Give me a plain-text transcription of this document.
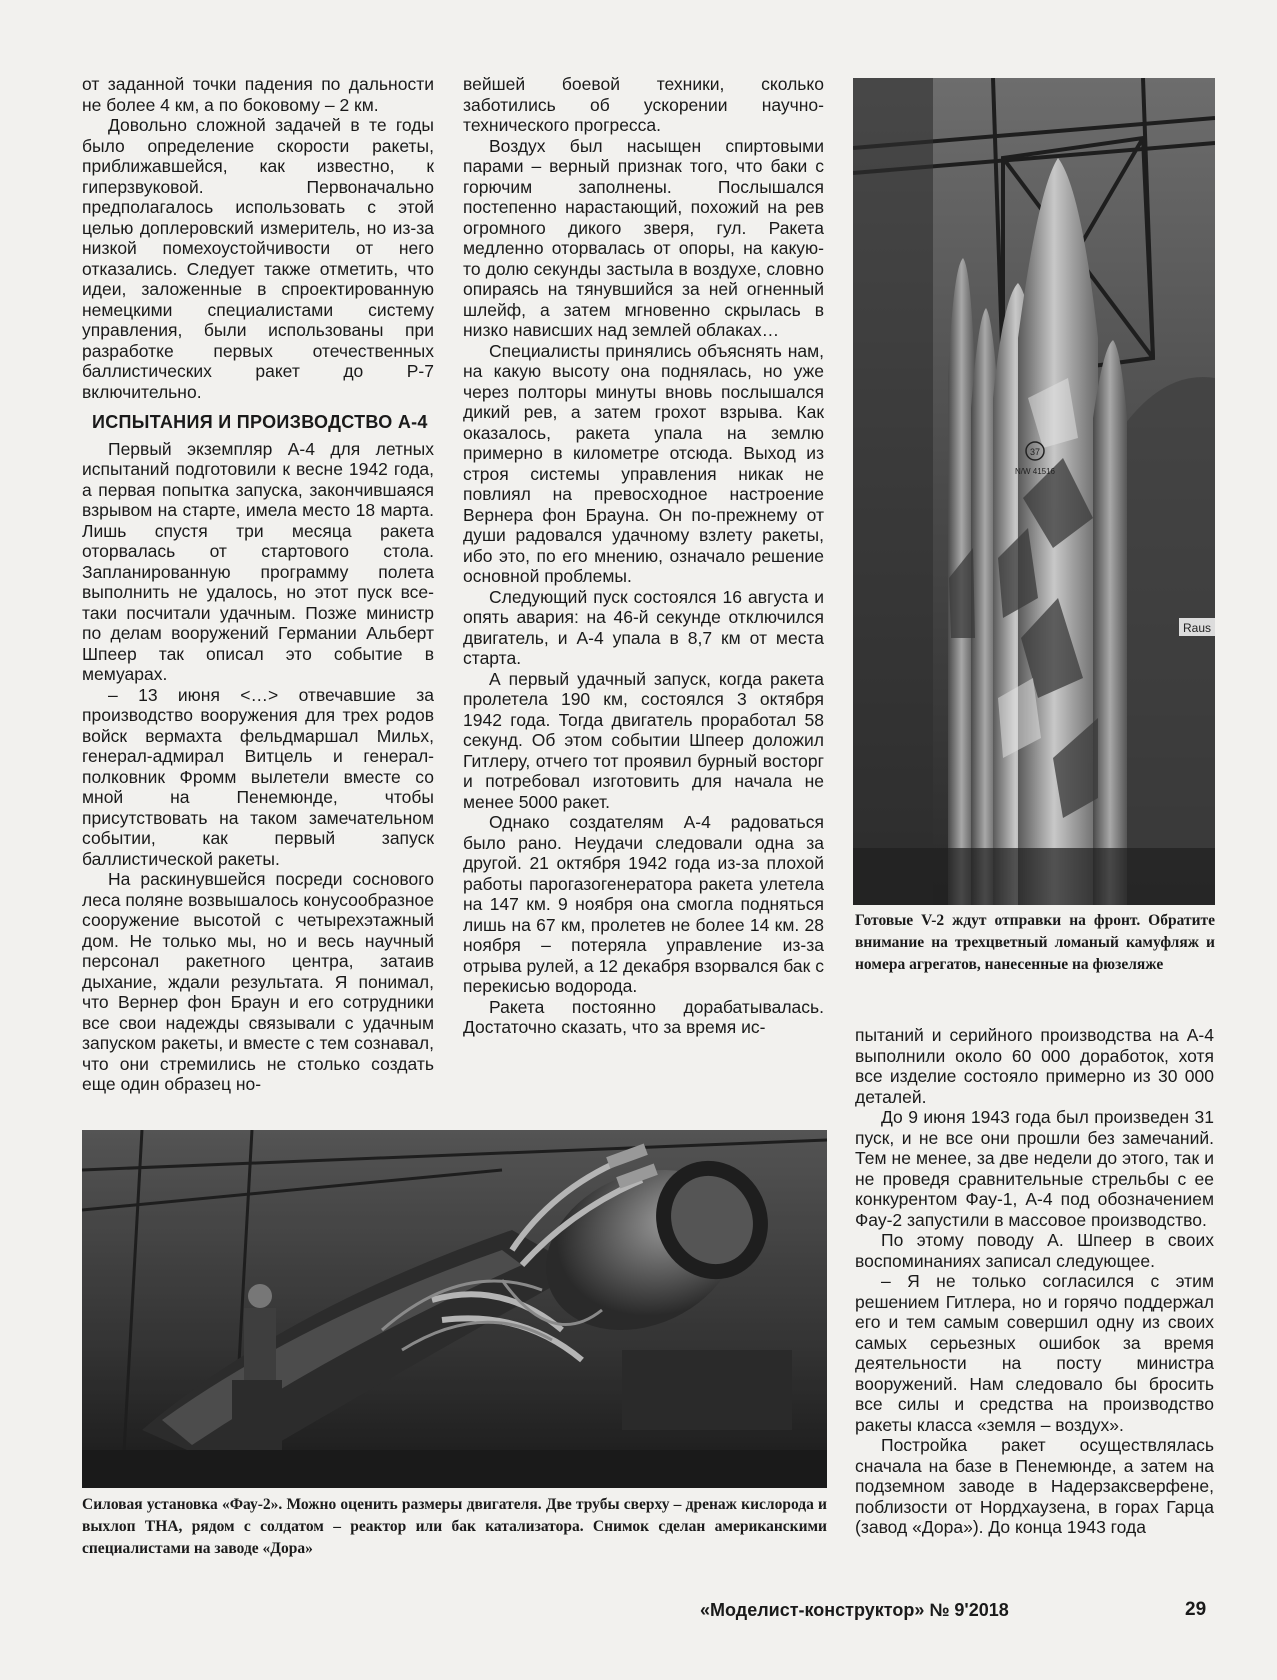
от заданной точки падения по дальности не более 4 км, а по боковому – 2 км.

Довольно сложной задачей в те годы было определение скорости ракеты, приближавшейся, как известно, к гиперзвуковой. Первоначально предполагалось использовать с этой целью доплеровский измеритель, но из-за низкой помехоустойчивости от него отказались. Следует также отметить, что идеи, заложенные в спроектированную немецкими специалистами систему управления, были использованы при разработке первых отечественных баллистических ракет до Р-7 включительно.

ИСПЫТАНИЯ И ПРОИЗВОДСТВО А-4

Первый экземпляр А-4 для летных испытаний подготовили к весне 1942 года, а первая попытка запуска, закончившаяся взрывом на старте, имела место 18 марта. Лишь спустя три месяца ракета оторвалась от стартового стола. Запланированную программу полета выполнить не удалось, но этот пуск все-таки посчитали удачным. Позже министр по делам вооружений Германии Альберт Шпеер так описал это событие в мемуарах.

– 13 июня <…> отвечавшие за производство вооружения для трех родов войск вермахта фельдмаршал Мильх, генерал-адмирал Витцель и генерал-полковник Фромм вылетели вместе со мной на Пенемюнде, чтобы присутствовать на таком замечательном событии, как первый запуск баллистической ракеты.

На раскинувшейся посреди соснового леса поляне возвышалось конусообразное сооружение высотой с четырехэтажный дом. Не только мы, но и весь научный персонал ракетного центра, затаив дыхание, ждали результата. Я понимал, что Вернер фон Браун и его сотрудники все свои надежды связывали с удачным запуском ракеты, и вместе с тем сознавал, что они стремились не столько создать еще один образец но-

вейшей боевой техники, сколько заботились об ускорении научно-технического прогресса.

Воздух был насыщен спиртовыми парами – верный признак того, что баки с горючим заполнены. Послышался постепенно нарастающий, похожий на рев огромного дикого зверя, гул. Ракета медленно оторвалась от опоры, на какую-то долю секунды застыла в воздухе, словно опираясь на тянувшийся за ней огненный шлейф, а затем мгновенно скрылась в низко нависших над землей облаках…

Специалисты принялись объяснять нам, на какую высоту она поднялась, но уже через полторы минуты вновь послышался дикий рев, а затем грохот взрыва. Как оказалось, ракета упала на землю примерно в километре отсюда. Выход из строя системы управления никак не повлиял на превосходное настроение Вернера фон Брауна. Он по-прежнему от души радовался удачному взлету ракеты, ибо это, по его мнению, означало решение основной проблемы.

Следующий пуск состоялся 16 августа и опять авария: на 46-й секунде отключился двигатель, и А-4 упала в 8,7 км от места старта.

А первый удачный запуск, когда ракета пролетела 190 км, состоялся 3 октября 1942 года. Тогда двигатель проработал 58 секунд. Об этом событии Шпеер доложил Гитлеру, отчего тот проявил бурный восторг и потребовал изготовить для начала не менее 5000 ракет.

Однако создателям А-4 радоваться было рано. Неудачи следовали одна за другой. 21 октября 1942 года из-за плохой работы парогазогенератора ракета улетела на 147 км. 9 ноября она смогла подняться лишь на 67 км, пролетев не более 14 км. 28 ноября – потеряла управление из-за отрыва рулей, а 12 декабря взорвался бак с перекисью водорода.

Ракета постоянно дорабатывалась. Достаточно сказать, что за время ис-

37
N/W 41516
Raus
Готовые V-2 ждут отправки на фронт. Обратите внимание на трехцветный ломаный камуфляж и номера агрегатов, нанесенные на фюзеляже

пытаний и серийного производства на А-4 выполнили около 60 000 доработок, хотя все изделие состояло примерно из 30 000 деталей.

До 9 июня 1943 года был произведен 31 пуск, и не все они прошли без замечаний. Тем не менее, за две недели до этого, так и не проведя сравнительные стрельбы с ее конкурентом Фау-1, А-4 под обозначением Фау-2 запустили в массовое производство.

По этому поводу А. Шпеер в своих воспоминаниях записал следующее.

– Я не только согласился с этим решением Гитлера, но и горячо поддержал его и тем самым совершил одну из своих самых серьезных ошибок за время деятельности на посту министра вооружений. Нам следовало бы бросить все силы и средства на производство ракеты класса «земля – воздух».

Постройка ракет осуществлялась сначала на базе в Пенемюнде, а затем на подземном заводе в Надерзаксверфене, поблизости от Нордхаузена, в горах Гарца (завод «Дора»). До конца 1943 года

Силовая установка «Фау-2». Можно оценить размеры двигателя. Две трубы сверху – дренаж кислорода и выхлоп ТНА, рядом с солдатом – реактор или бак катализатора. Снимок сделан американскими специалистами на заводе «Дора»
«Моделист-конструктор» № 9'2018	29
